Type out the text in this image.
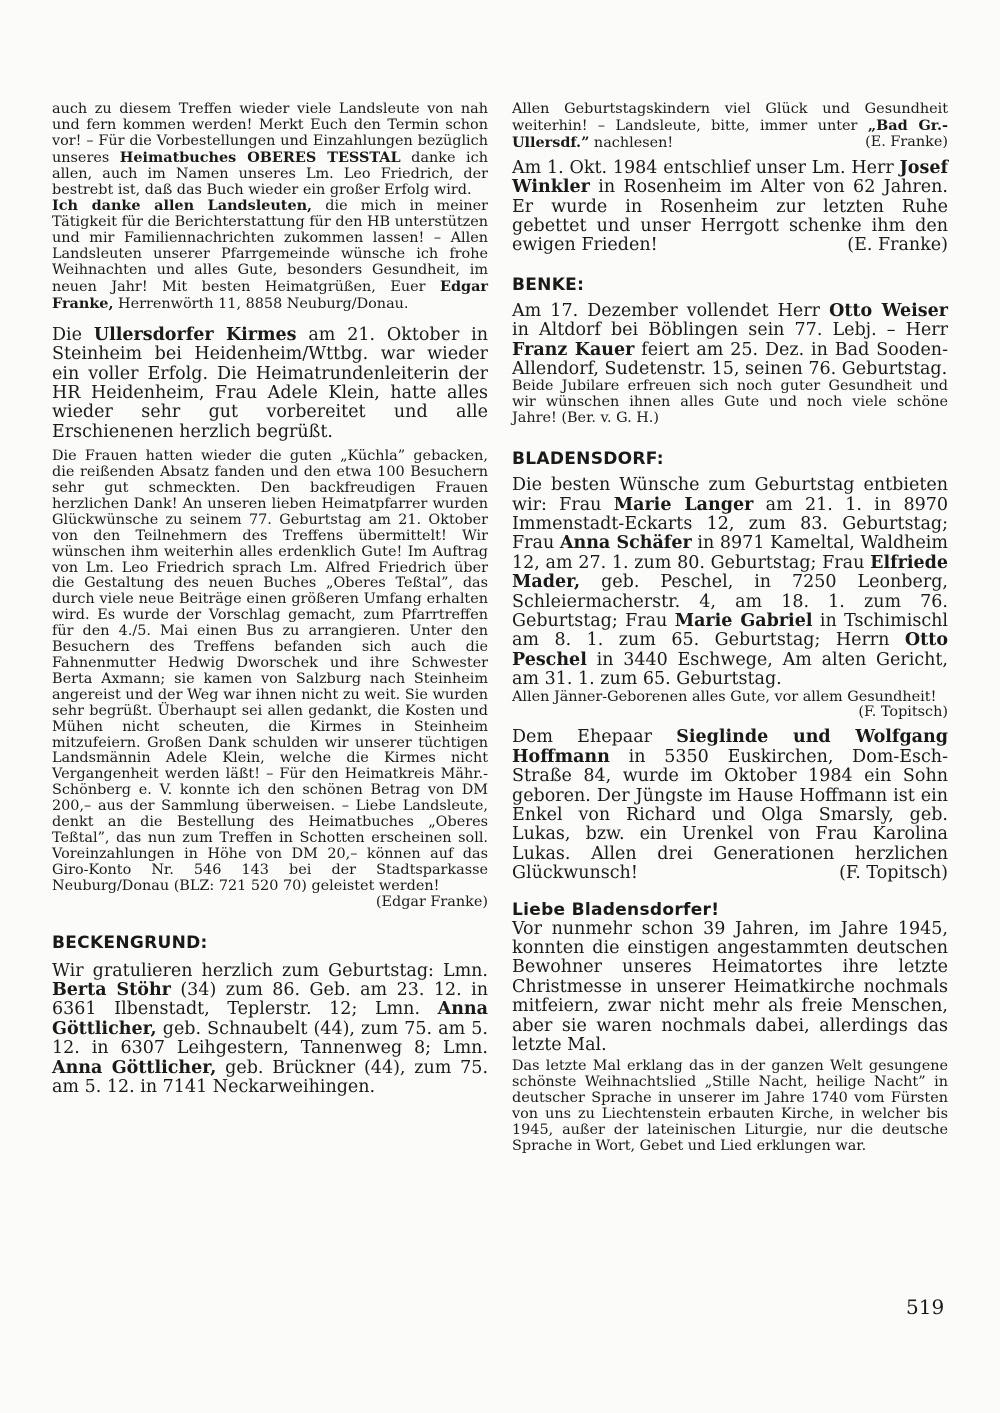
auch zu diesem Treffen wieder viele Landsleute von nah und fern kommen werden! Merkt Euch den Termin schon vor! – Für die Vorbestellungen und Einzahlungen bezüglich unseres Heimatbuches OBERES TESSTAL danke ich allen, auch im Namen unseres Lm. Leo Friedrich, der bestrebt ist, daß das Buch wieder ein großer Erfolg wird.

Ich danke allen Landsleuten, die mich in meiner Tätigkeit für die Berichterstattung für den HB unterstützen und mir Familiennachrichten zukommen lassen! – Allen Landsleuten unserer Pfarrgemeinde wünsche ich frohe Weihnachten und alles Gute, besonders Gesundheit, im neuen Jahr! Mit besten Heimatgrüßen, Euer Edgar Franke, Herrenwörth 11, 8858 Neuburg/Donau.

Die Ullersdorfer Kirmes am 21. Oktober in Steinheim bei Heidenheim/Wttbg. war wieder ein voller Erfolg. Die Heimatrundenleiterin der HR Heidenheim, Frau Adele Klein, hatte alles wieder sehr gut vorbereitet und alle Erschienenen herzlich begrüßt.

Die Frauen hatten wieder die guten „Küchla” gebacken, die reißenden Absatz fanden und den etwa 100 Besuchern sehr gut schmeckten. Den backfreudigen Frauen herzlichen Dank! An unseren lieben Heimatpfarrer wurden Glückwünsche zu seinem 77. Geburtstag am 21. Oktober von den Teilnehmern des Treffens übermittelt! Wir wünschen ihm weiterhin alles erdenklich Gute! Im Auftrag von Lm. Leo Friedrich sprach Lm. Alfred Friedrich über die Gestaltung des neuen Buches „Oberes Teßtal”, das durch viele neue Beiträge einen größeren Umfang erhalten wird. Es wurde der Vorschlag gemacht, zum Pfarrtreffen für den 4./5. Mai einen Bus zu arrangieren. Unter den Besuchern des Treffens befanden sich auch die Fahnenmutter Hedwig Dworschek und ihre Schwester Berta Axmann; sie kamen von Salzburg nach Steinheim angereist und der Weg war ihnen nicht zu weit. Sie wurden sehr begrüßt. Überhaupt sei allen gedankt, die Kosten und Mühen nicht scheuten, die Kirmes in Steinheim mitzufeiern. Großen Dank schulden wir unserer tüchtigen Landsmännin Adele Klein, welche die Kirmes nicht Vergangenheit werden läßt! – Für den Heimatkreis Mähr.-Schönberg e. V. konnte ich den schönen Betrag von DM 200,– aus der Sammlung überweisen. – Liebe Landsleute, denkt an die Bestellung des Heimatbuches „Oberes Teßtal”, das nun zum Treffen in Schotten erscheinen soll. Voreinzahlungen in Höhe von DM 20,– können auf das Giro-Konto Nr. 546 143 bei der Stadtsparkasse Neuburg/Donau (BLZ: 721 520 70) geleistet werden!

(Edgar Franke)

BECKENGRUND:

Wir gratulieren herzlich zum Geburtstag: Lmn. Berta Stöhr (34) zum 86. Geb. am 23. 12. in 6361 Ilbenstadt, Teplerstr. 12; Lmn. Anna Göttlicher, geb. Schnaubelt (44), zum 75. am 5. 12. in 6307 Leihgestern, Tannenweg 8; Lmn. Anna Göttlicher, geb. Brückner (44), zum 75. am 5. 12. in 7141 Neckarweihingen.

Allen Geburtstagskindern viel Glück und Gesundheit weiterhin! – Landsleute, bitte, immer unter „Bad Gr.-Ullersdf.” nachlesen!	(E. Franke)

Am 1. Okt. 1984 entschlief unser Lm. Herr Josef Winkler in Rosenheim im Alter von 62 Jahren. Er wurde in Rosenheim zur letzten Ruhe gebettet und unser Herrgott schenke ihm den ewigen Frieden!	(E. Franke)

BENKE:

Am 17. Dezember vollendet Herr Otto Weiser in Altdorf bei Böblingen sein 77. Lebj. – Herr Franz Kauer feiert am 25. Dez. in Bad Sooden-Allendorf, Sudetenstr. 15, seinen 76. Geburtstag.

Beide Jubilare erfreuen sich noch guter Gesundheit und wir wünschen ihnen alles Gute und noch viele schöne Jahre! (Ber. v. G. H.)

BLADENSDORF:

Die besten Wünsche zum Geburtstag entbieten wir: Frau Marie Langer am 21. 1. in 8970 Immenstadt-Eckarts 12, zum 83. Geburtstag; Frau Anna Schäfer in 8971 Kameltal, Waldheim 12, am 27. 1. zum 80. Geburtstag; Frau Elfriede Mader, geb. Peschel, in 7250 Leonberg, Schleiermacherstr. 4, am 18. 1. zum 76. Geburtstag; Frau Marie Gabriel in Tschimischl am 8. 1. zum 65. Geburtstag; Herrn Otto Peschel in 3440 Eschwege, Am alten Gericht, am 31. 1. zum 65. Geburtstag.

Allen Jänner-Geborenen alles Gute, vor allem Gesundheit!
(F. Topitsch)

Dem Ehepaar Sieglinde und Wolfgang Hoffmann in 5350 Euskirchen, Dom-Esch-Straße 84, wurde im Oktober 1984 ein Sohn geboren. Der Jüngste im Hause Hoffmann ist ein Enkel von Richard und Olga Smarsly, geb. Lukas, bzw. ein Urenkel von Frau Karolina Lukas. Allen drei Generationen herzlichen Glückwunsch!	(F. Topitsch)

Liebe Bladensdorfer!

Vor nunmehr schon 39 Jahren, im Jahre 1945, konnten die einstigen angestammten deutschen Bewohner unseres Heimatortes ihre letzte Christmesse in unserer Heimatkirche nochmals mitfeiern, zwar nicht mehr als freie Menschen, aber sie waren nochmals dabei, allerdings das letzte Mal.

Das letzte Mal erklang das in der ganzen Welt gesungene schönste Weihnachtslied „Stille Nacht, heilige Nacht” in deutscher Sprache in unserer im Jahre 1740 vom Fürsten von uns zu Liechtenstein erbauten Kirche, in welcher bis 1945, außer der lateinischen Liturgie, nur die deutsche Sprache in Wort, Gebet und Lied erklungen war.

519
